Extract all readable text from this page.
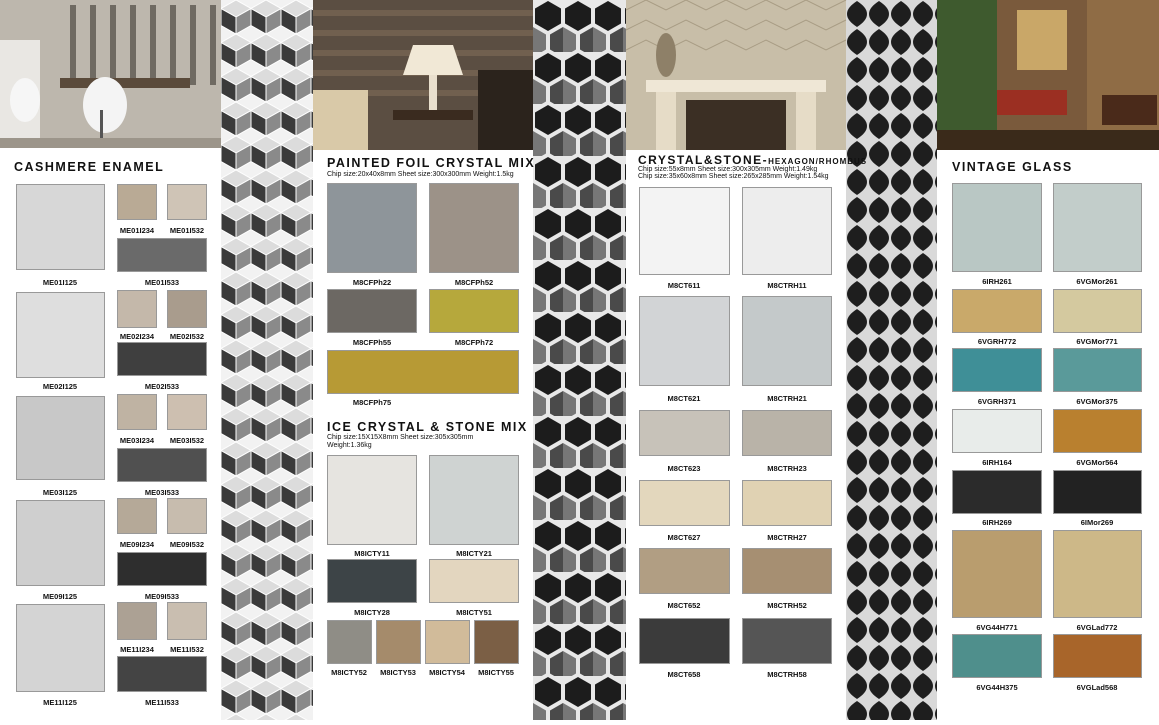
CASHMERE ENAMEL
ME01I125
ME01I234 ME01I532
ME01I533
ME02I125
ME02I234 ME02I532
ME02I533
ME03I125
ME03I234 ME03I532
ME03I533
ME09I125
ME09I234 ME09I532
ME09I533
ME11I125
ME11I234 ME11I532
ME11I533
PAINTED FOIL CRYSTAL MIX
Chip size:20x40x8mm Sheet size:300x300mm Weight:1.5kg
M8CFPh22	M8CFPh52
M8CFPh55	M8CFPh72
M8CFPh75
ICE CRYSTAL & STONE MIX
Chip size:15X15X8mm Sheet size:305x305mm
Weight:1.36kg
M8ICTY11	M8ICTY21
M8ICTY28	M8ICTY51
M8ICTY52 M8ICTY53 M8ICTY54 M8ICTY55
CRYSTAL&STONE-HEXAGON/RHOMBUS
Chip size:55x8mm Sheet size:300x305mm Weight:1.49kg
Chip size:35x60x8mm Sheet size:265x285mm Weight:1.54kg
M8CT611	M8CTRH11
M8CT621	M8CTRH21
M8CT623	M8CTRH23
M8CT627	M8CTRH27
M8CT652	M8CTRH52
M8CT658	M8CTRH58
VINTAGE GLASS
6IRH261	6VGMor261
6VGRH772	6VGMor771
6VGRH371	6VGMor375
6IRH164	6VGMor564
6IRH269	6IMor269
6VG44H771	6VGLad772
6VG44H375	6VGLad568
